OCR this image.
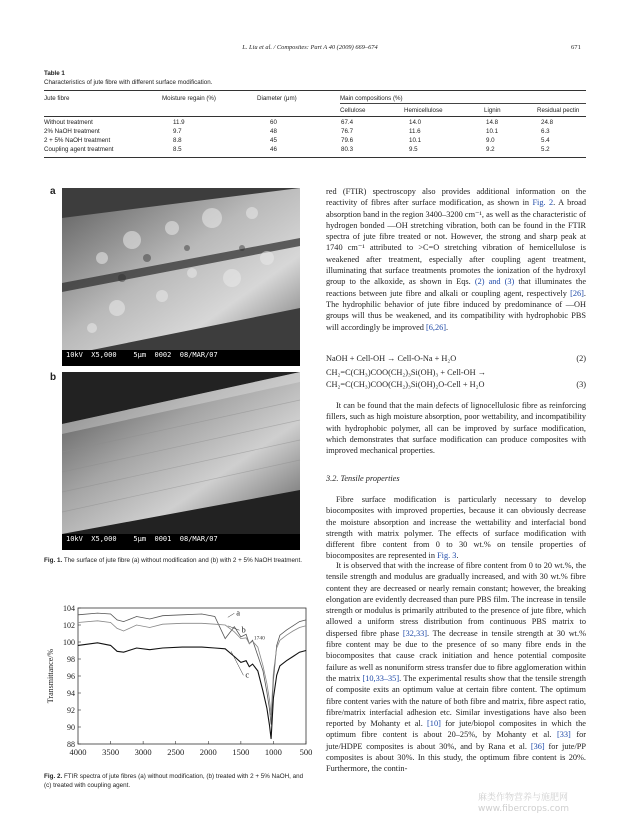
L. Liu et al. / Composites: Part A 40 (2009) 669–674	671
Table 1
Characteristics of jute fibre with different surface modification.
Jute fibre	Moisture regain (%)	Diameter (μm)	Main compositions (%)
Cellulose	Hemicellulose	Lignin	Residual pectin
Without treatment	11.9	60	67.4	14.0	14.8	24.8
2% NaOH treatment	9.7	48	76.7	11.6	10.1	6.3
2 + 5% NaOH treatment	8.8	45	79.6	10.1	9.0	5.4
Coupling agent treatment	8.5	46	80.3	9.5	9.2	5.2
a
10kV  X5,000    5μm  0002  08/MAR/07
b
10kV  X5,000    5μm  0001  08/MAR/07
Fig. 1. The surface of jute fibre (a) without modification and (b) with 2 + 5% NaOH treatment.
88
90
92
94
96
98
100
102
104
4000 3500 3000 2500 2000 1500 1000 500
Transmittance/%
a
b
c
1740
Fig. 2. FTIR spectra of jute fibres (a) without modification, (b) treated with 2 + 5% NaOH, and (c) treated with coupling agent.

red (FTIR) spectroscopy also provides additional information on the reactivity of fibres after surface modification, as shown in Fig. 2. A broad absorption band in the region 3400–3200 cm⁻¹, as well as the characteristic of hydrogen bonded —OH stretching vibration, both can be found in the FTIR spectra of jute fibre treated or not. However, the strong and sharp peak at 1740 cm⁻¹ attributed to >C=O stretching vibration of hemicellulose is weakened after treatment, especially after coupling agent treatment, illuminating that surface treatments promotes the ionization of the hydroxyl group to the alkoxide, as shown in Eqs. (2) and (3) that illuminates the reactions between jute fibre and alkali or coupling agent, respectively [26]. The hydrophilic behavior of jute fibre induced by predominance of —OH groups will thus be weakened, and its compatibility with hydrophobic PBS will accordingly be improved [6,26].

NaOH + Cell-OH → Cell-O-Na + H₂O	(2)
CH₂=C(CH₃)COO(CH₂)₃Si(OH)₃ + Cell-OH →
CH₂=C(CH₃)COO(CH₂)₃Si(OH)₂O-Cell + H₂O	(3)

It can be found that the main defects of lignocellulosic fibre as reinforcing fillers, such as high moisture absorption, poor wettability, and incompatibility with hydrophobic polymer, all can be improved by surface modification, which demonstrates that surface modification can produce composites with improved mechanical properties.

3.2. Tensile properties

Fibre surface modification is particularly necessary to develop biocomposites with improved properties, because it can obviously decrease the moisture absorption and increase the wettability and interfacial bond strength with matrix polymer. The effects of surface modification with different fibre content from 0 to 30 wt.% on tensile properties of biocomposites are represented in Fig. 3.

It is observed that with the increase of fibre content from 0 to 20 wt.%, the tensile strength and modulus are gradually increased, and with 30 wt.% fibre content they are decreased or nearly remain constant; however, the breaking elongation are evidently decreased than pure PBS film. The increase in tensile strength or modulus is primarily attributed to the presence of jute fibre, which allowed a uniform stress distribution from continuous PBS matrix to dispersed fibre phase [32,33]. The decrease in tensile strength at 30 wt.% fibre content may be due to the presence of so many fibre ends in the biocomposites that cause crack initiation and hence potential composite failure as well as nonuniform stress transfer due to fibre agglomeration within the matrix [10,33–35]. The experimental results show that the tensile strength of composite exits an optimum value at certain fibre content. The optimum fibre content varies with the nature of both fibre and matrix, fibre aspect ratio, fibre/matrix interfacial adhesion etc. Similar investigations have also been reported by Mohanty et al. [10] for jute/biopol composites in which the optimum fibre content is about 20–25%, by Mohanty et al. [33] for jute/HDPE composites is about 30%, and by Rana et al. [36] for jute/PP composites is about 30%. In this study, the optimum fibre content is 20%. Furthermore, the contin-

麻类作物营养与施肥网
www.fibercrops.com
